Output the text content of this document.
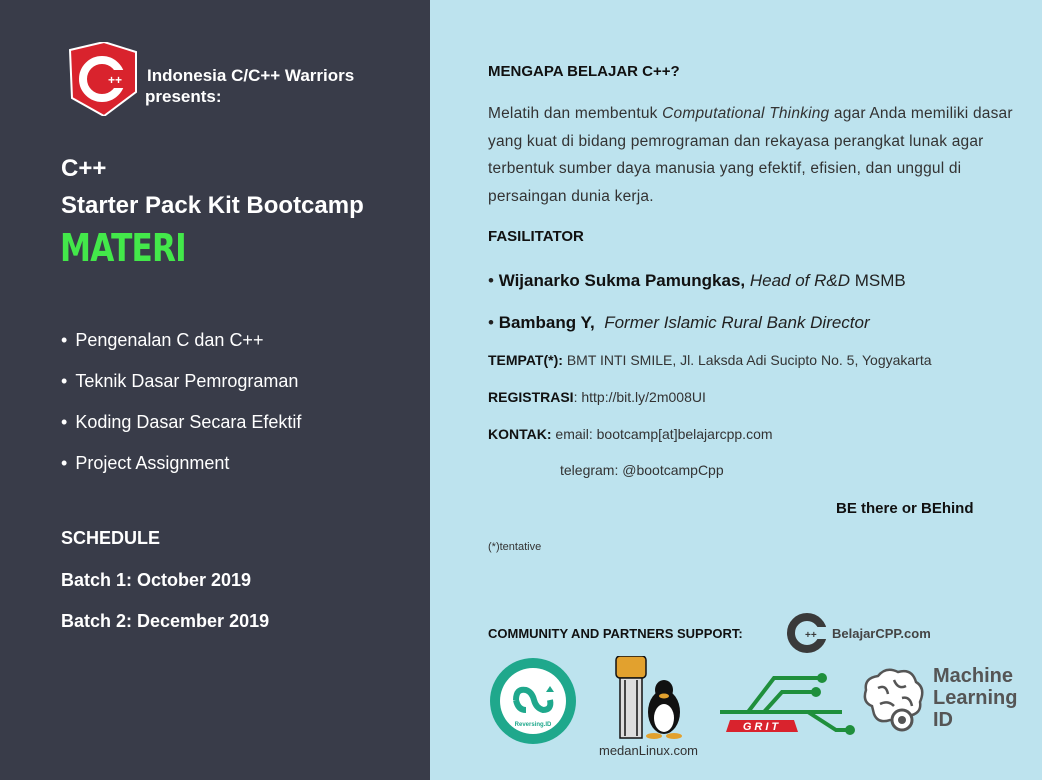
++ Indonesia C/C++ Warriors
presents:
C++
Starter Pack Kit Bootcamp
MATERI
• Pengenalan C dan C++
• Teknik Dasar Pemrograman
• Koding Dasar Secara Efektif
• Project Assignment
SCHEDULE
Batch 1: October 2019
Batch 2: December 2019
MENGAPA BELAJAR C++?
Melatih dan membentuk Computational Thinking agar Anda memiliki dasar yang kuat di bidang pemrograman dan rekayasa perangkat lunak agar terbentuk sumber daya manusia yang efektif, efisien, dan unggul di persaingan dunia kerja.
FASILITATOR
• Wijanarko Sukma Pamungkas, Head of R&D MSMB
• Bambang Y, Former Islamic Rural Bank Director
TEMPAT(*): BMT INTI SMILE, Jl. Laksda Adi Sucipto No. 5, Yogyakarta
REGISTRASI: http://bit.ly/2m008UI
KONTAK: email: bootcamp[at]belajarcpp.com
telegram: @bootcampCpp
BE there or BEhind
(*)tentative
COMMUNITY AND PARTNERS SUPPORT:	++ BelajarCPP.com
Reversing.ID
medanLinux.com
GRIT
Machine
Learning
ID
